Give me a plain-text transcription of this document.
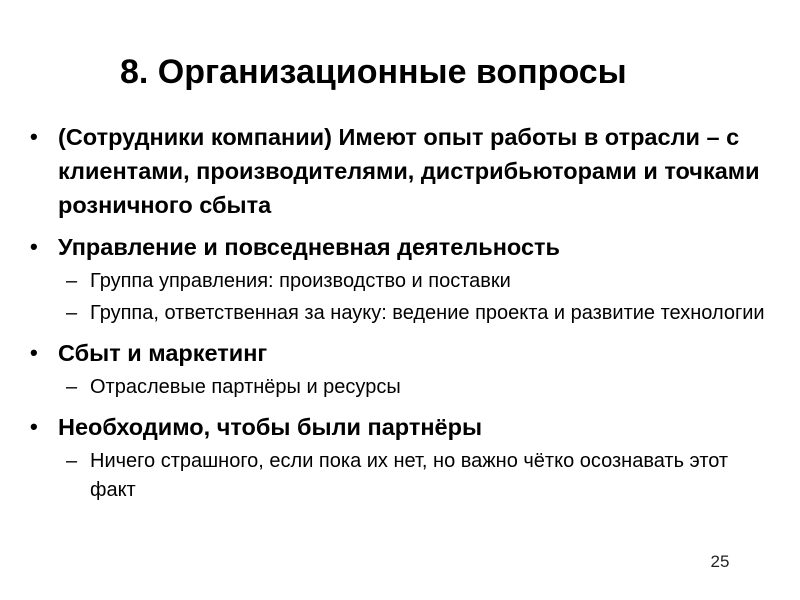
8. Организационные вопросы
• (Сотрудники компании) Имеют опыт работы в отрасли – с клиентами, производителями, дистрибьюторами и точками розничного сбыта
• Управление и повседневная деятельность
– Группа управления: производство и поставки
– Группа, ответственная за науку: ведение проекта и развитие технологии
• Сбыт и маркетинг
– Отраслевые партнёры и ресурсы
• Необходимо, чтобы были партнёры
– Ничего страшного, если пока их нет, но важно чётко осознавать этот факт
25
